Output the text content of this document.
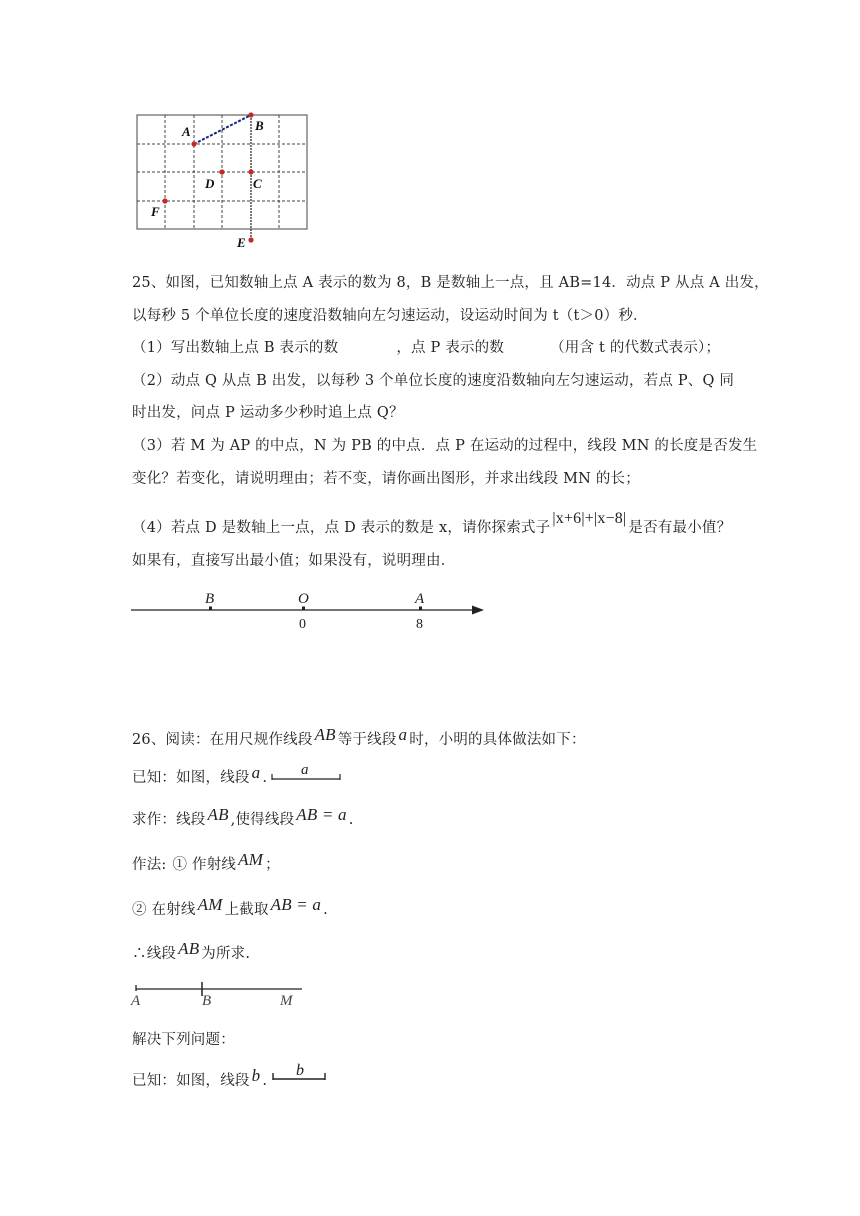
A	B
D	C
F
E
25、如图，已知数轴上点 A 表示的数为 8，B 是数轴上一点，且 AB=14．动点 P 从点 A 出发，
以每秒 5 个单位长度的速度沿数轴向左匀速运动，设运动时间为 t（t＞0）秒．
（1）写出数轴上点 B 表示的数	，点 P 表示的数	（用含 t 的代数式表示）；
（2）动点 Q 从点 B 出发，以每秒 3 个单位长度的速度沿数轴向左匀速运动，若点 P、Q 同
时出发，问点 P 运动多少秒时追上点 Q？
（3）若 M 为 AP 的中点，N 为 PB 的中点．点 P 在运动的过程中，线段 MN 的长度是否发生
变化？若变化，请说明理由；若不变，请你画出图形，并求出线段 MN 的长；
（4）若点 D 是数轴上一点，点 D 表示的数是 x，请你探索式子|x+6|+|x−8|是否有最小值？
如果有，直接写出最小值；如果没有，说明理由．
B	O	A
0	8
26、阅读：在用尺规作线段 AB 等于线段 a 时，小明的具体做法如下：
已知：如图，线段 a . a
求作：线段 AB ,使得线段 AB = a .
作法: ① 作射线 AM ；
② 在射线 AM 上截取 AB = a .
∴线段 AB 为所求.
A	B	M
解决下列问题：
已知：如图，线段 b .
b
